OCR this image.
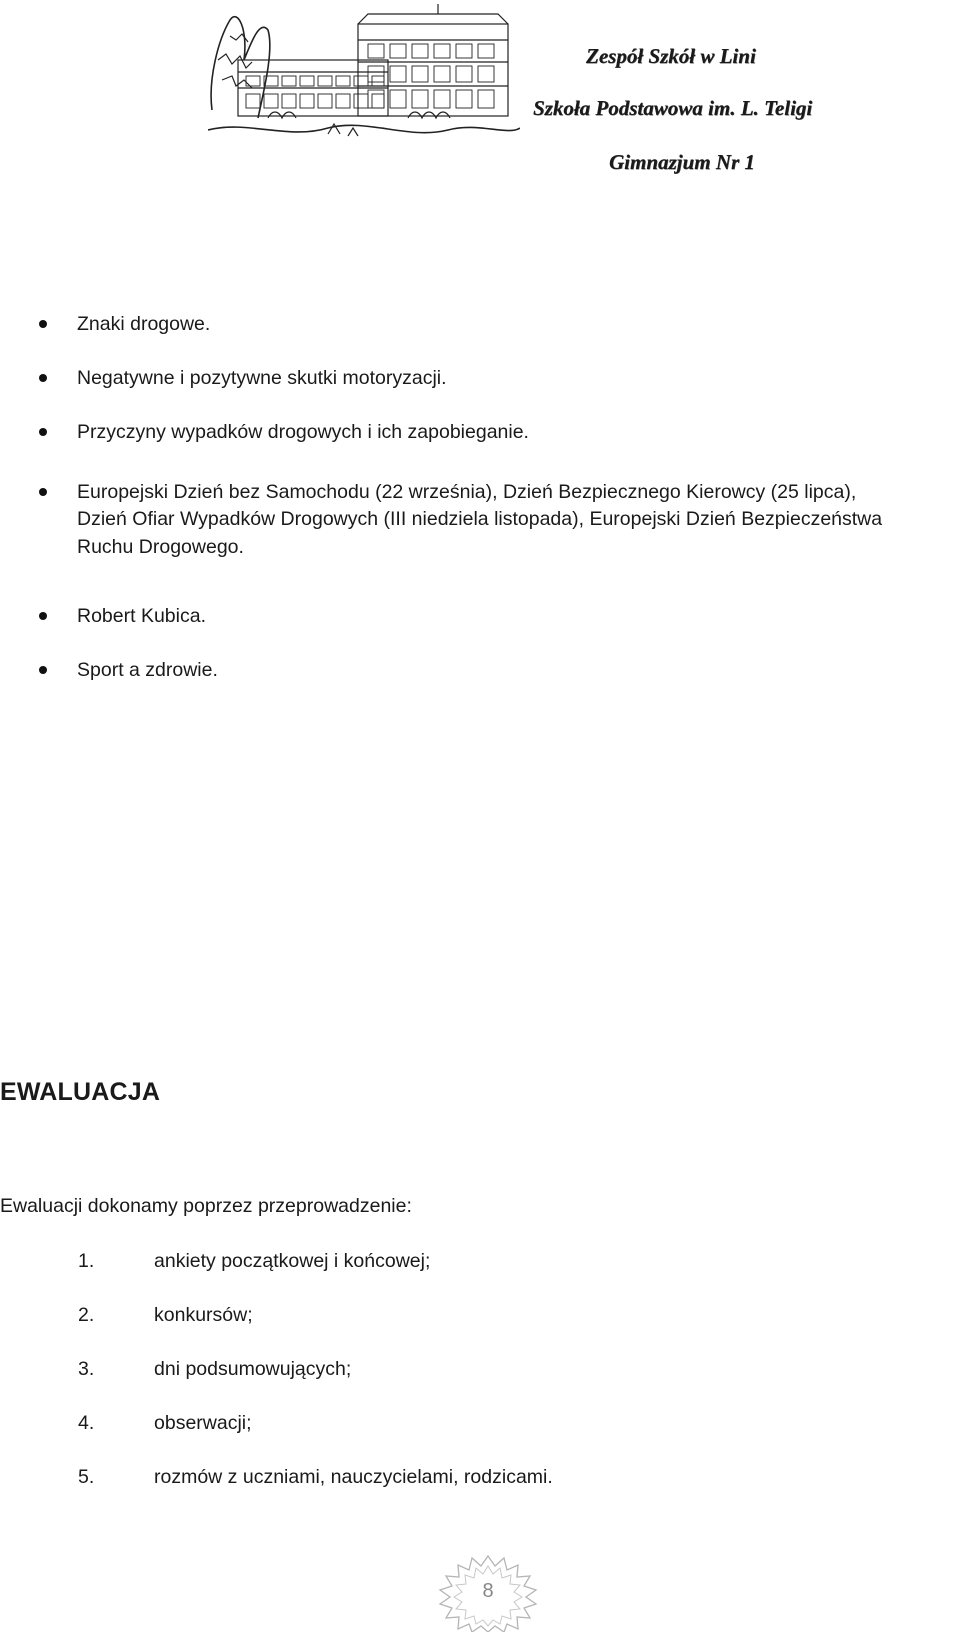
Zespół Szkół w Lini
Szkoła Podstawowa im. L. Teligi
Gimnazjum Nr 1
Znaki drogowe.
Negatywne i pozytywne skutki motoryzacji.
Przyczyny wypadków drogowych i ich zapobieganie.
Europejski Dzień bez Samochodu (22 września), Dzień Bezpiecznego Kierowcy (25 lipca),
Dzień Ofiar Wypadków Drogowych (III niedziela listopada), Europejski Dzień Bezpieczeństwa
Ruchu Drogowego.
Robert Kubica.
Sport a zdrowie.
EWALUACJA
Ewaluacji dokonamy poprzez przeprowadzenie:
1.	ankiety początkowej i końcowej;
2.	konkursów;
3.	dni podsumowujących;
4.	obserwacji;
5.	rozmów z uczniami, nauczycielami, rodzicami.
8
